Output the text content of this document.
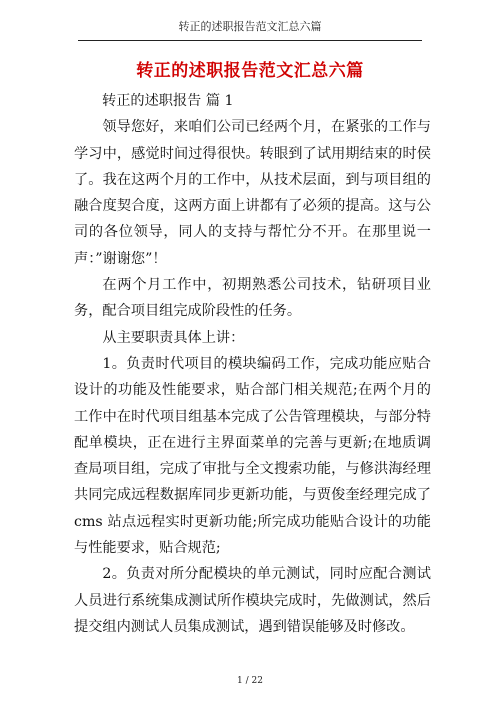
转正的述职报告范文汇总六篇
转正的述职报告范文汇总六篇

转正的述职报告 篇 1

领导您好，来咱们公司已经两个月，在紧张的工作与学习中，感觉时间过得很快。转眼到了试用期结束的时侯了。我在这两个月的工作中，从技术层面，到与项目组的融合度契合度，这两方面上讲都有了必须的提高。这与公司的各位领导，同人的支持与帮忙分不开。在那里说一声：”谢谢您”！

在两个月工作中，初期熟悉公司技术，钻研项目业务，配合项目组完成阶段性的任务。

从主要职责具体上讲：

1。负责时代项目的模块编码工作，完成功能应贴合设计的功能及性能要求，贴合部门相关规范;在两个月的工作中在时代项目组基本完成了公告管理模块，与部分特配单模块，正在进行主界面菜单的完善与更新;在地质调查局项目组，完成了审批与全文搜索功能，与修洪海经理共同完成远程数据库同步更新功能，与贾俊奎经理完成了 cms 站点远程实时更新功能;所完成功能贴合设计的功能与性能要求，贴合规范;

2。负责对所分配模块的单元测试，同时应配合测试人员进行系统集成测试所作模块完成时，先做测试，然后提交组内测试人员集成测试，遇到错误能够及时修改。

1 / 22
